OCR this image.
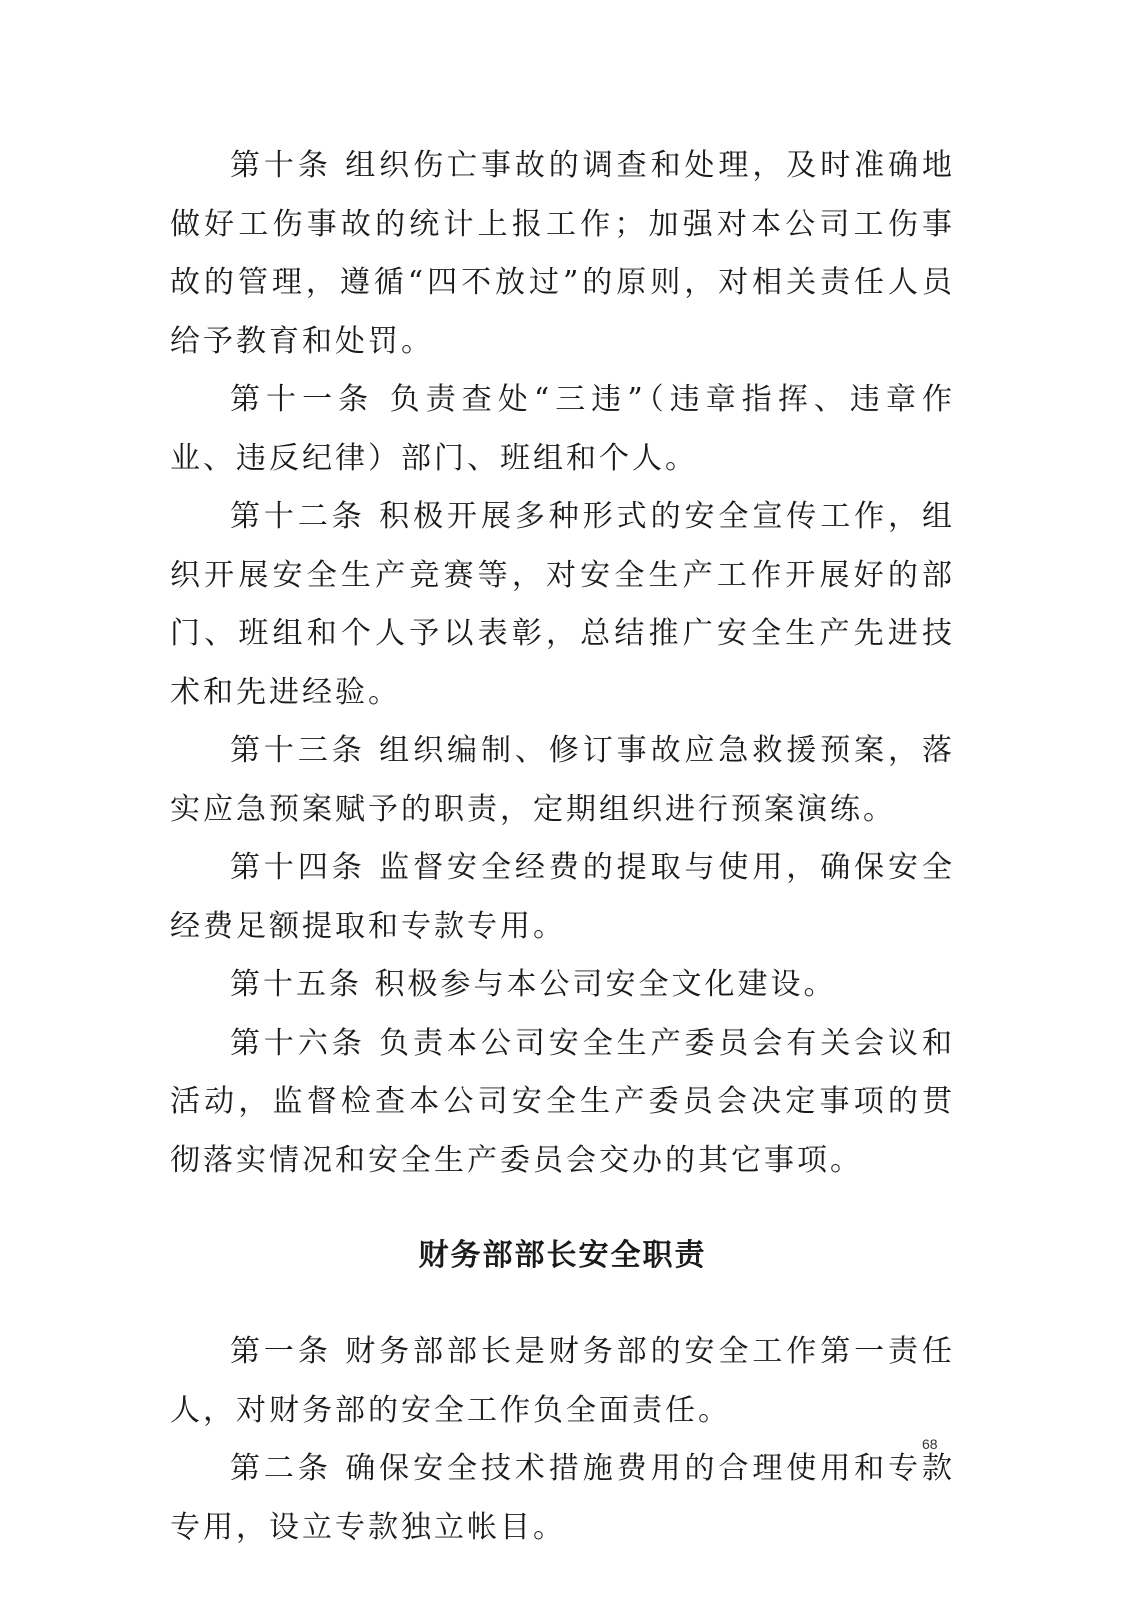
第十条 组织伤亡事故的调查和处理，及时准确地做好工伤事故的统计上报工作；加强对本公司工伤事故的管理，遵循“四不放过”的原则，对相关责任人员给予教育和处罚。

第十一条 负责查处“三违”（违章指挥、违章作业、违反纪律）部门、班组和个人。

第十二条 积极开展多种形式的安全宣传工作，组织开展安全生产竞赛等，对安全生产工作开展好的部门、班组和个人予以表彰，总结推广安全生产先进技术和先进经验。

第十三条 组织编制、修订事故应急救援预案，落实应急预案赋予的职责，定期组织进行预案演练。

第十四条 监督安全经费的提取与使用，确保安全经费足额提取和专款专用。

第十五条 积极参与本公司安全文化建设。

第十六条 负责本公司安全生产委员会有关会议和活动，监督检查本公司安全生产委员会决定事项的贯彻落实情况和安全生产委员会交办的其它事项。

财务部部长安全职责

第一条 财务部部长是财务部的安全工作第一责任人，对财务部的安全工作负全面责任。

第二条 确保安全技术措施费用的合理使用和专款专用，设立专款独立帐目。

68
